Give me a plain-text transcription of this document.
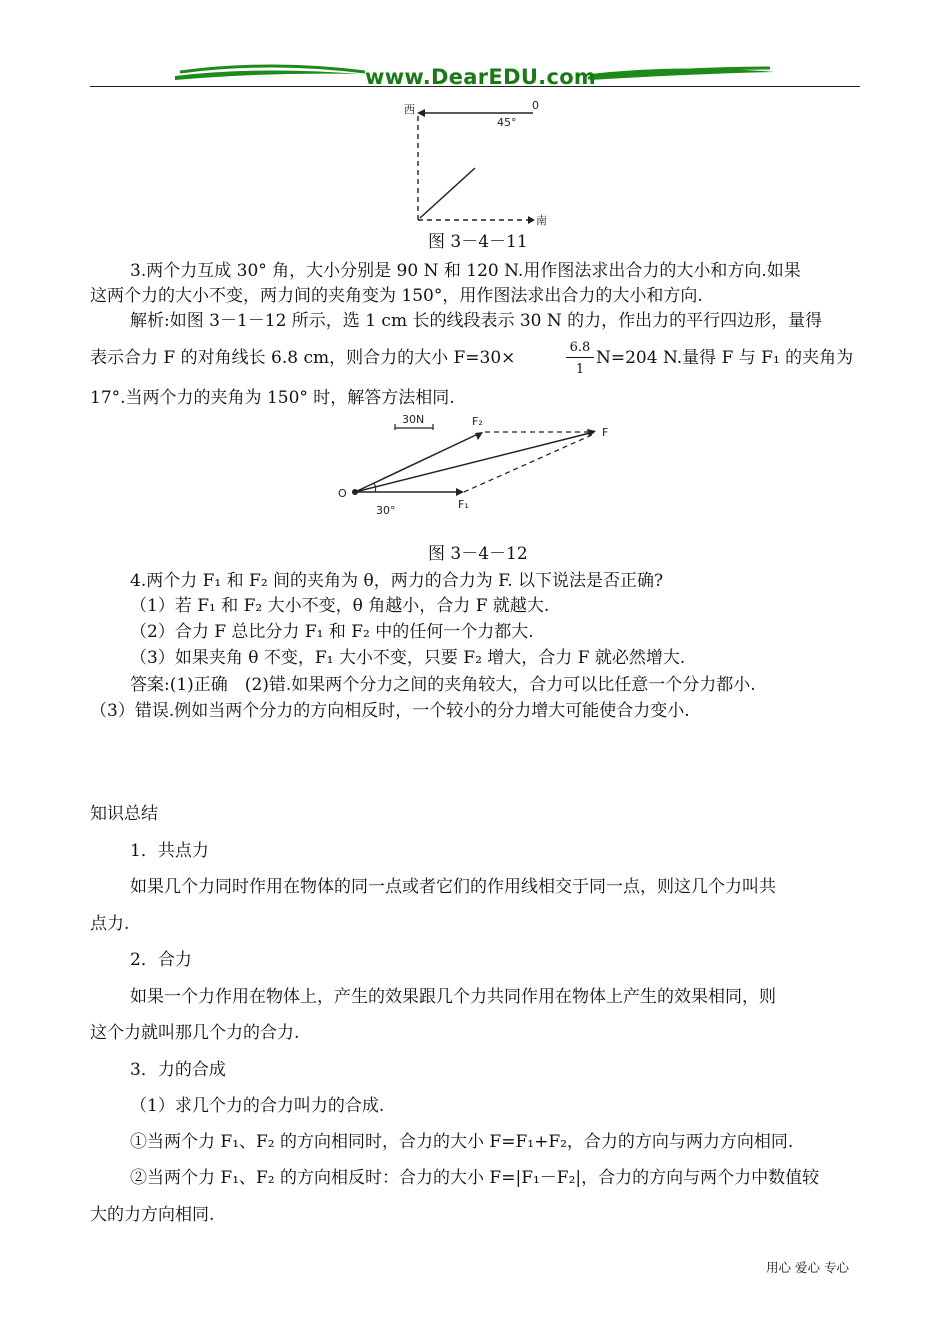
www.DearEDU.com
西	0
45°
南
图 3－4－11
3.两个力互成 30° 角，大小分别是 90 N 和 120 N.用作图法求出合力的大小和方向.如果
这两个力的大小不变，两力间的夹角变为 150°，用作图法求出合力的大小和方向.
解析:如图 3－1－12 所示，选 1 cm 长的线段表示 30 N 的力，作出力的平行四边形，量得
表示合力 F 的对角线长 6.8 cm，则合力的大小 F=30×
6.8
1
N=204 N.量得 F 与 F₁ 的夹角为
17°.当两个力的夹角为 150° 时，解答方法相同.
30N
O
F₁
F₂
F
30°
图 3－4－12
4.两个力 F₁ 和 F₂ 间的夹角为 θ，两力的合力为 F. 以下说法是否正确?
（1）若 F₁ 和 F₂ 大小不变，θ 角越小，合力 F 就越大.
（2）合力 F 总比分力 F₁ 和 F₂ 中的任何一个力都大.
（3）如果夹角 θ 不变，F₁ 大小不变，只要 F₂ 增大，合力 F 就必然增大.
答案:(1)正确　(2)错.如果两个分力之间的夹角较大，合力可以比任意一个分力都小.
（3）错误.例如当两个分力的方向相反时，一个较小的分力增大可能使合力变小.
知识总结
1．共点力
如果几个力同时作用在物体的同一点或者它们的作用线相交于同一点，则这几个力叫共
点力.
2．合力
如果一个力作用在物体上，产生的效果跟几个力共同作用在物体上产生的效果相同，则
这个力就叫那几个力的合力.
3．力的合成
（1）求几个力的合力叫力的合成.
①当两个力 F₁、F₂ 的方向相同时，合力的大小 F=F₁+F₂，合力的方向与两力方向相同.
②当两个力 F₁、F₂ 的方向相反时：合力的大小 F=|F₁－F₂|，合力的方向与两个力中数值较
大的力方向相同.
用心 爱心 专心
